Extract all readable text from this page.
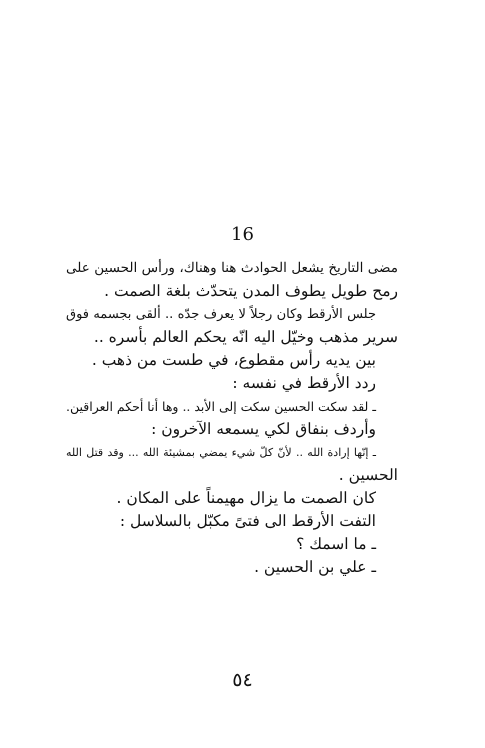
16
مضى التاريخ يشعل الحوادث هنا وهناك، ورأس الحسين على
رمح طويل يطوف المدن يتحدّث بلغة الصمت .
جلس الأرقط وكان رجلاً لا يعرف جدّه .. ألقى بجسمه فوق
سرير مذهب وخيّل اليه انّه يحكم العالم بأسره ..
بين يديه رأس مقطوع، في طست من ذهب .
ردد الأرقط في نفسه :
ـ لقد سكت الحسين سكت إلى الأبد .. وها أنا أحكم العراقين.
وأردف بنفاق لكي يسمعه الآخرون :
ـ إنّها إرادة الله .. لأنّ كلّ شيء يمضي بمشيئة الله ... وقد قتل الله
الحسين .
كان الصمت ما يزال مهيمناً على المكان .
التفت الأرقط الى فتىً مكبّل بالسلاسل :
ـ ما اسمك ؟
ـ علي بن الحسين .
٥٤
